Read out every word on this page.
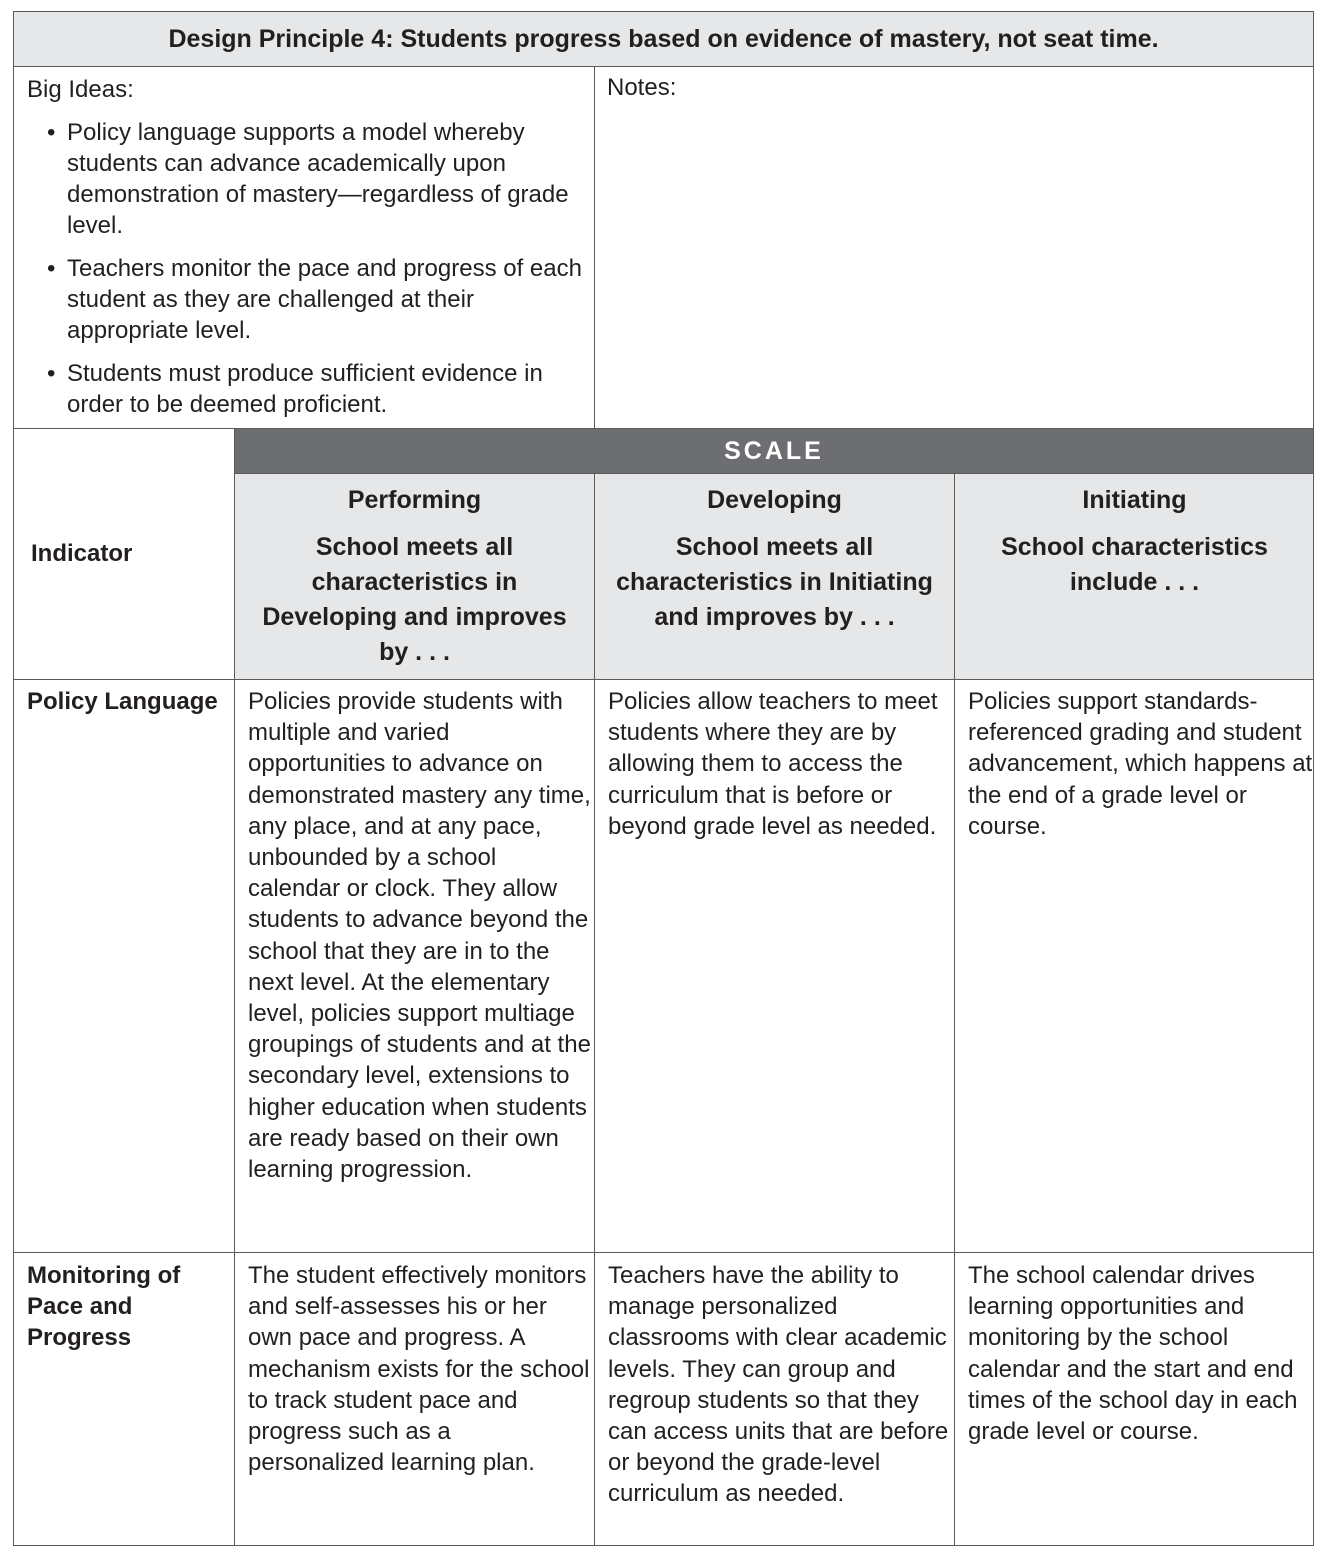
Design Principle 4: Students progress based on evidence of mastery, not seat time.
Big Ideas:
• Policy language supports a model whereby students can advance academically upon demonstration of mastery—regardless of grade level.
• Teachers monitor the pace and progress of each student as they are challenged at their appropriate level.
• Students must produce sufficient evidence in order to be deemed proficient.
Notes:
SCALE
Indicator
Performing
School meets all characteristics in Developing and improves by . . .
Developing
School meets all characteristics in Initiating and improves by . . .
Initiating
School characteristics include . . .
Policy Language	Policies provide students with multiple and varied opportunities to advance on demonstrated mastery any time, any place, and at any pace, unbounded by a school calendar or clock. They allow students to advance beyond the school that they are in to the next level. At the elementary level, policies support multiage groupings of students and at the secondary level, extensions to higher education when students are ready based on their own learning progression.
Policies allow teachers to meet students where they are by allowing them to access the curriculum that is before or beyond grade level as needed.
Policies support standards-referenced grading and student advancement, which happens at the end of a grade level or course.
Monitoring of Pace and Progress
The student effectively monitors and self-assesses his or her own pace and progress. A mechanism exists for the school to track student pace and progress such as a personalized learning plan.
Teachers have the ability to manage personalized classrooms with clear academic levels. They can group and regroup students so that they can access units that are before or beyond the grade-level curriculum as needed.
The school calendar drives learning opportunities and monitoring by the school calendar and the start and end times of the school day in each grade level or course.
